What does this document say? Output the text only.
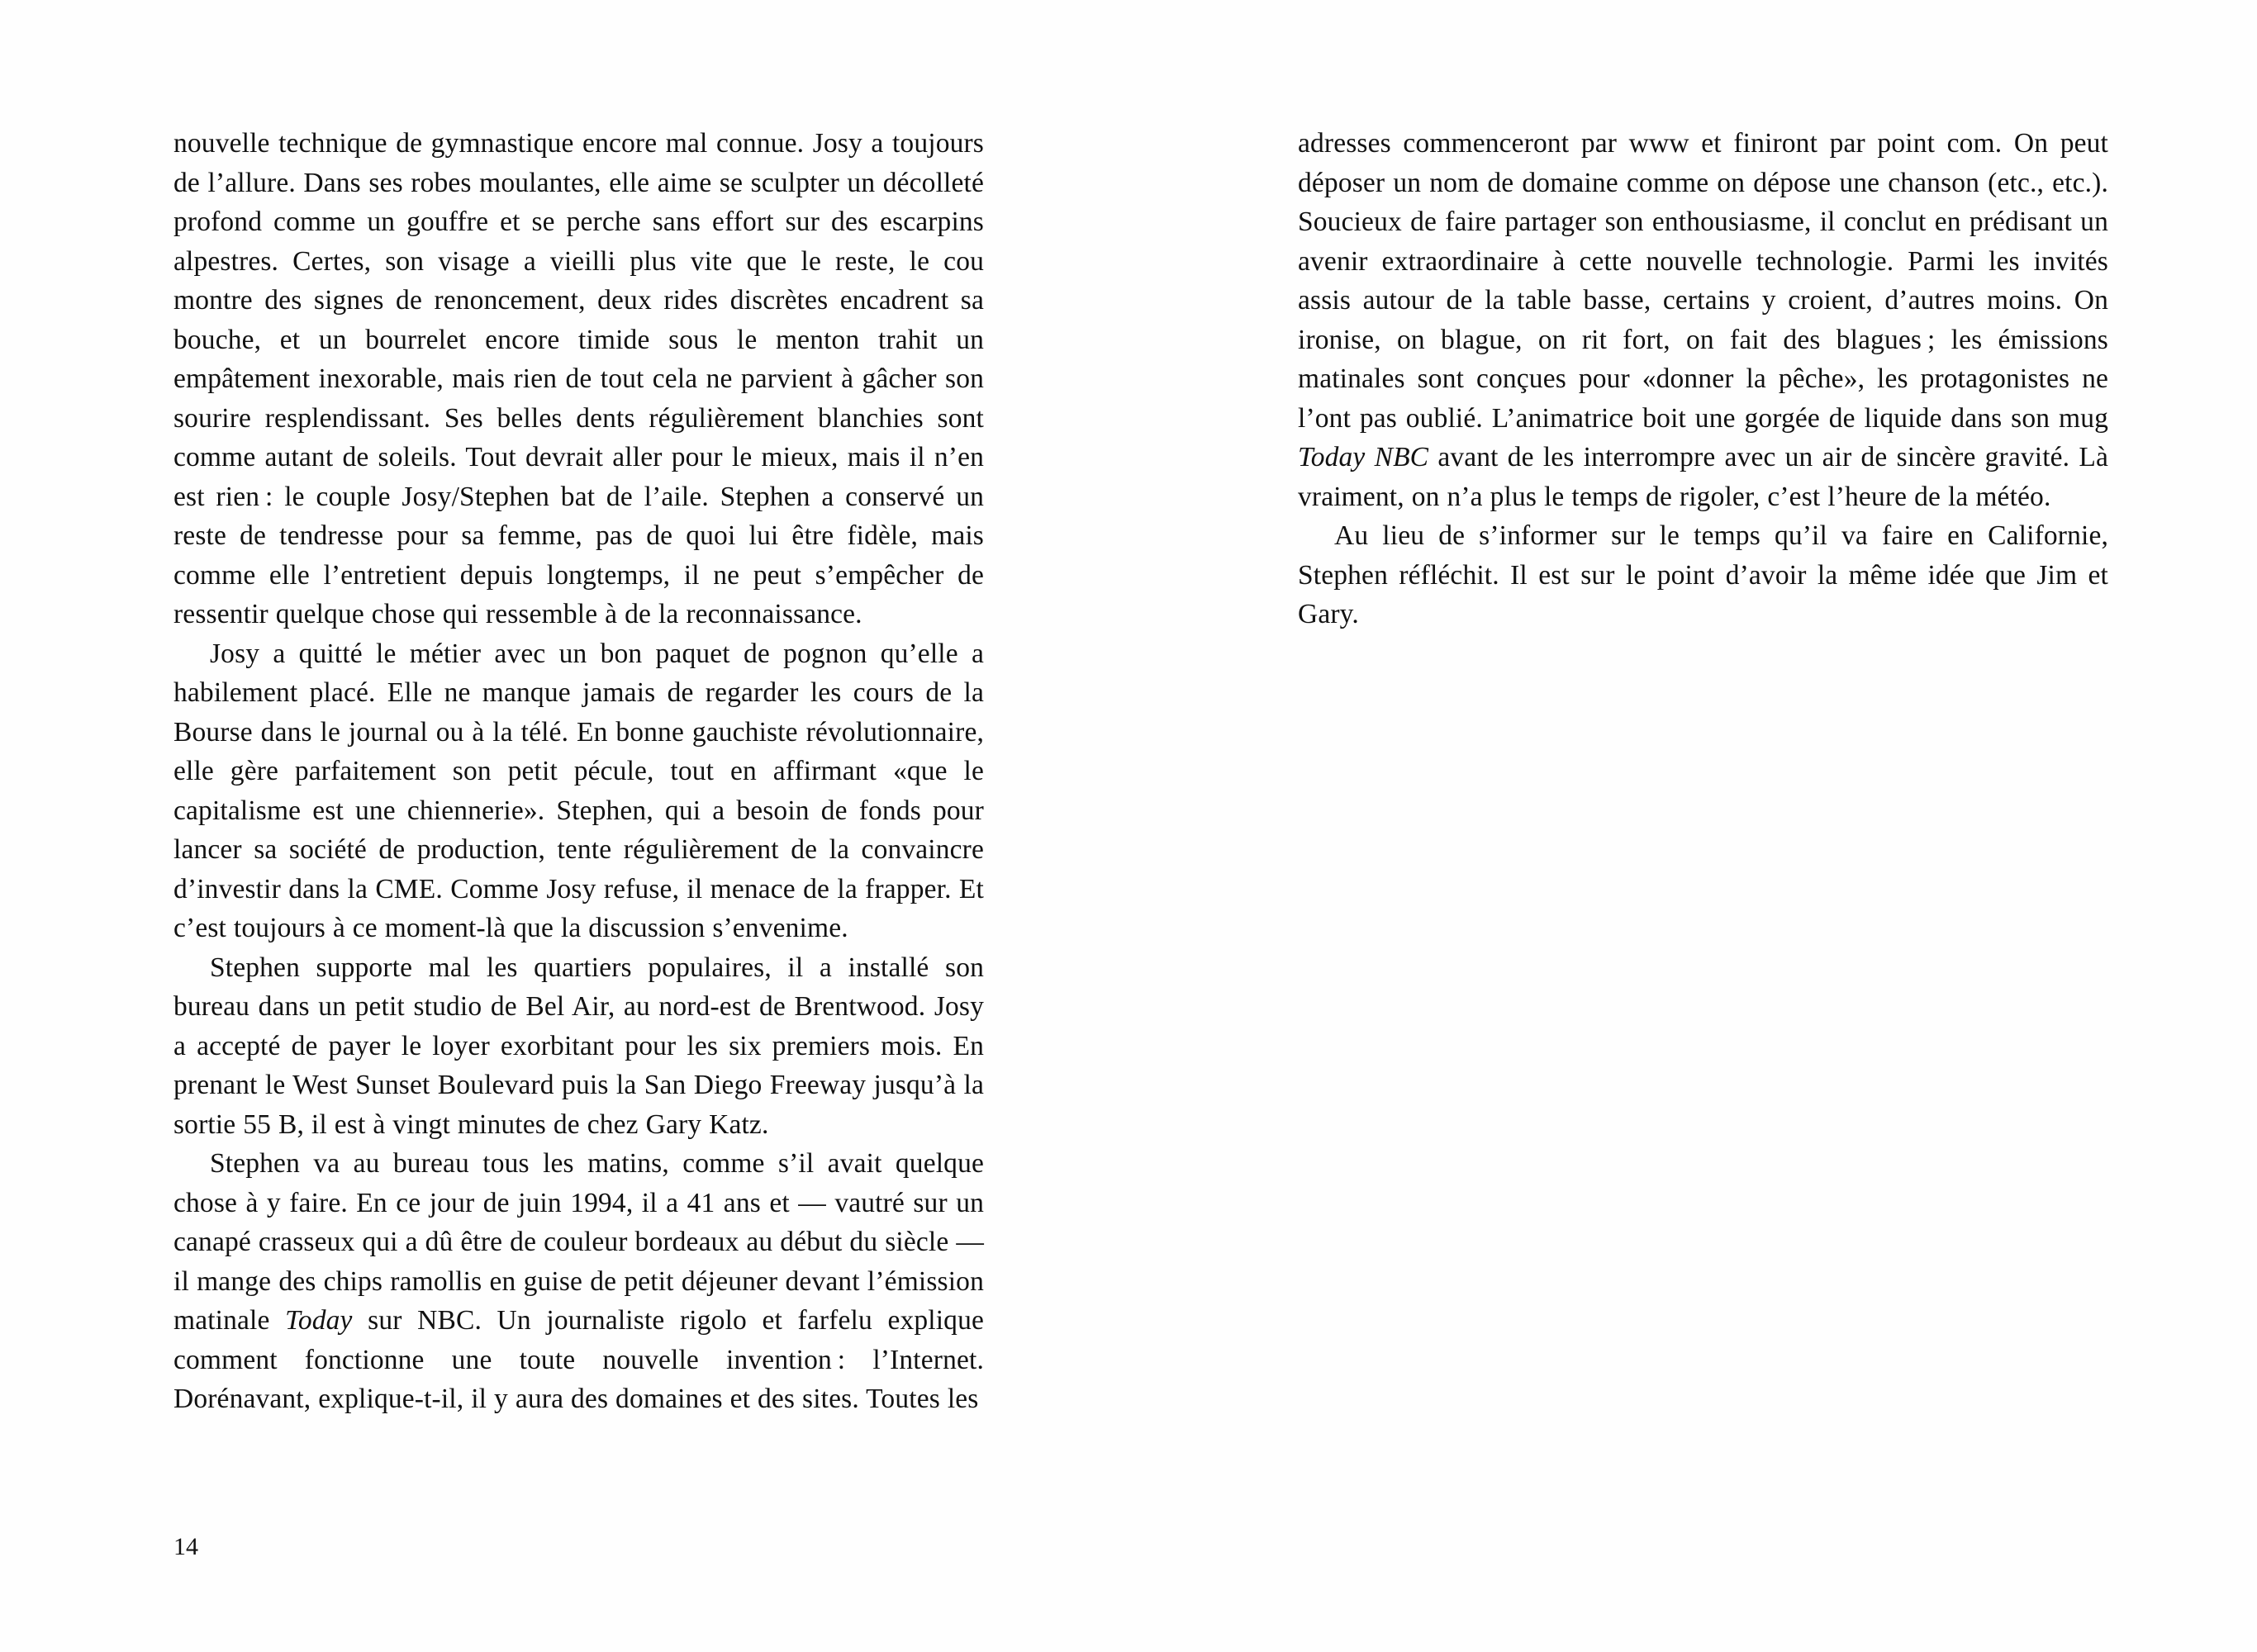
nouvelle technique de gymnastique encore mal connue. Josy a toujours de l’allure. Dans ses robes moulantes, elle aime se sculpter un décolleté profond comme un gouffre et se perche sans effort sur des escarpins alpestres. Certes, son visage a vieilli plus vite que le reste, le cou montre des signes de renoncement, deux rides discrètes encadrent sa bouche, et un bourrelet encore timide sous le menton trahit un empâtement inexorable, mais rien de tout cela ne parvient à gâcher son sourire resplendissant. Ses belles dents régulièrement blanchies sont comme autant de soleils. Tout devrait aller pour le mieux, mais il n’en est rien : le couple Josy/Stephen bat de l’aile. Stephen a conservé un reste de tendresse pour sa femme, pas de quoi lui être fidèle, mais comme elle l’entretient depuis longtemps, il ne peut s’empêcher de ressentir quelque chose qui ressemble à de la reconnaissance.

Josy a quitté le métier avec un bon paquet de pognon qu’elle a habilement placé. Elle ne manque jamais de regarder les cours de la Bourse dans le journal ou à la télé. En bonne gauchiste révolutionnaire, elle gère parfaitement son petit pécule, tout en affirmant «que le capitalisme est une chiennerie». Stephen, qui a besoin de fonds pour lancer sa société de production, tente régulièrement de la convaincre d’investir dans la CME. Comme Josy refuse, il menace de la frapper. Et c’est toujours à ce moment-là que la discussion s’envenime.

Stephen supporte mal les quartiers populaires, il a installé son bureau dans un petit studio de Bel Air, au nord-est de Brentwood. Josy a accepté de payer le loyer exorbitant pour les six premiers mois. En prenant le West Sunset Boulevard puis la San Diego Freeway jusqu’à la sortie 55 B, il est à vingt minutes de chez Gary Katz.

Stephen va au bureau tous les matins, comme s’il avait quelque chose à y faire. En ce jour de juin 1994, il a 41 ans et — vautré sur un canapé crasseux qui a dû être de couleur bordeaux au début du siècle — il mange des chips ramollis en guise de petit déjeuner devant l’émission matinale Today sur NBC. Un journaliste rigolo et farfelu explique comment fonctionne une toute nouvelle invention : l’Internet. Dorénavant, explique-t-il, il y aura des domaines et des sites. Toutes les

adresses commenceront par www et finiront par point com. On peut déposer un nom de domaine comme on dépose une chanson (etc., etc.). Soucieux de faire partager son enthousiasme, il conclut en prédisant un avenir extraordinaire à cette nouvelle technologie. Parmi les invités assis autour de la table basse, certains y croient, d’autres moins. On ironise, on blague, on rit fort, on fait des blagues ; les émissions matinales sont conçues pour «donner la pêche», les protagonistes ne l’ont pas oublié. L’animatrice boit une gorgée de liquide dans son mug Today NBC avant de les interrompre avec un air de sincère gravité. Là vraiment, on n’a plus le temps de rigoler, c’est l’heure de la météo.

Au lieu de s’informer sur le temps qu’il va faire en Californie, Stephen réfléchit. Il est sur le point d’avoir la même idée que Jim et Gary.

14
